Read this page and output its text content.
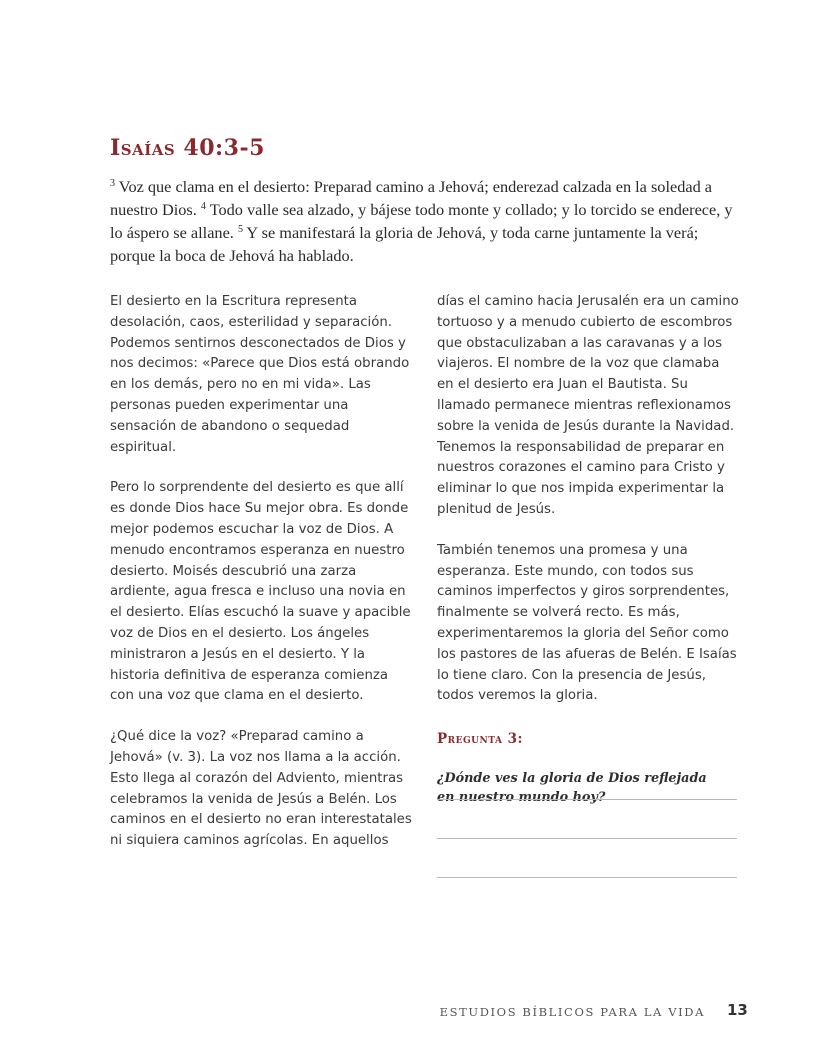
Isaías 40:3-5

$^3$ Voz que clama en el desierto: Preparad camino a Jehová; enderezad calzada en la soledad a nuestro Dios. $^4$ Todo valle sea alzado, y bájese todo monte y collado; y lo torcido se enderece, y lo áspero se allane. $^5$ Y se manifestará la gloria de Jehová, y toda carne juntamente la verá; porque la boca de Jehová ha hablado.

El desierto en la Escritura representa desolación, caos, esterilidad y separación. Podemos sentirnos desconectados de Dios y nos decimos: «Parece que Dios está obrando en los demás, pero no en mi vida». Las personas pueden experimentar una sensación de abandono o sequedad espiritual.

Pero lo sorprendente del desierto es que allí es donde Dios hace Su mejor obra. Es donde mejor podemos escuchar la voz de Dios. A menudo encontramos esperanza en nuestro desierto. Moisés descubrió una zarza ardiente, agua fresca e incluso una novia en el desierto. Elías escuchó la suave y apacible voz de Dios en el desierto. Los ángeles ministraron a Jesús en el desierto. Y la historia definitiva de esperanza comienza con una voz que clama en el desierto.

¿Qué dice la voz? «Preparad camino a Jehová» (v. 3). La voz nos llama a la acción. Esto llega al corazón del Adviento, mientras celebramos la venida de Jesús a Belén. Los caminos en el desierto no eran interestatales ni siquiera caminos agrícolas. En aquellos

días el camino hacia Jerusalén era un camino tortuoso y a menudo cubierto de escombros que obstaculizaban a las caravanas y a los viajeros. El nombre de la voz que clamaba en el desierto era Juan el Bautista. Su llamado permanece mientras reflexionamos sobre la venida de Jesús durante la Navidad. Tenemos la responsabilidad de preparar en nuestros corazones el camino para Cristo y eliminar lo que nos impida experimentar la plenitud de Jesús.

También tenemos una promesa y una esperanza. Este mundo, con todos sus caminos imperfectos y giros sorprendentes, finalmente se volverá recto. Es más, experimentaremos la gloria del Señor como los pastores de las afueras de Belén. E Isaías lo tiene claro. Con la presencia de Jesús, todos veremos la gloria.

Pregunta 3:

¿Dónde ves la gloria de Dios reflejada en nuestro mundo hoy?

ESTUDIOS BÍBLICOS PARA LA VIDA 13
